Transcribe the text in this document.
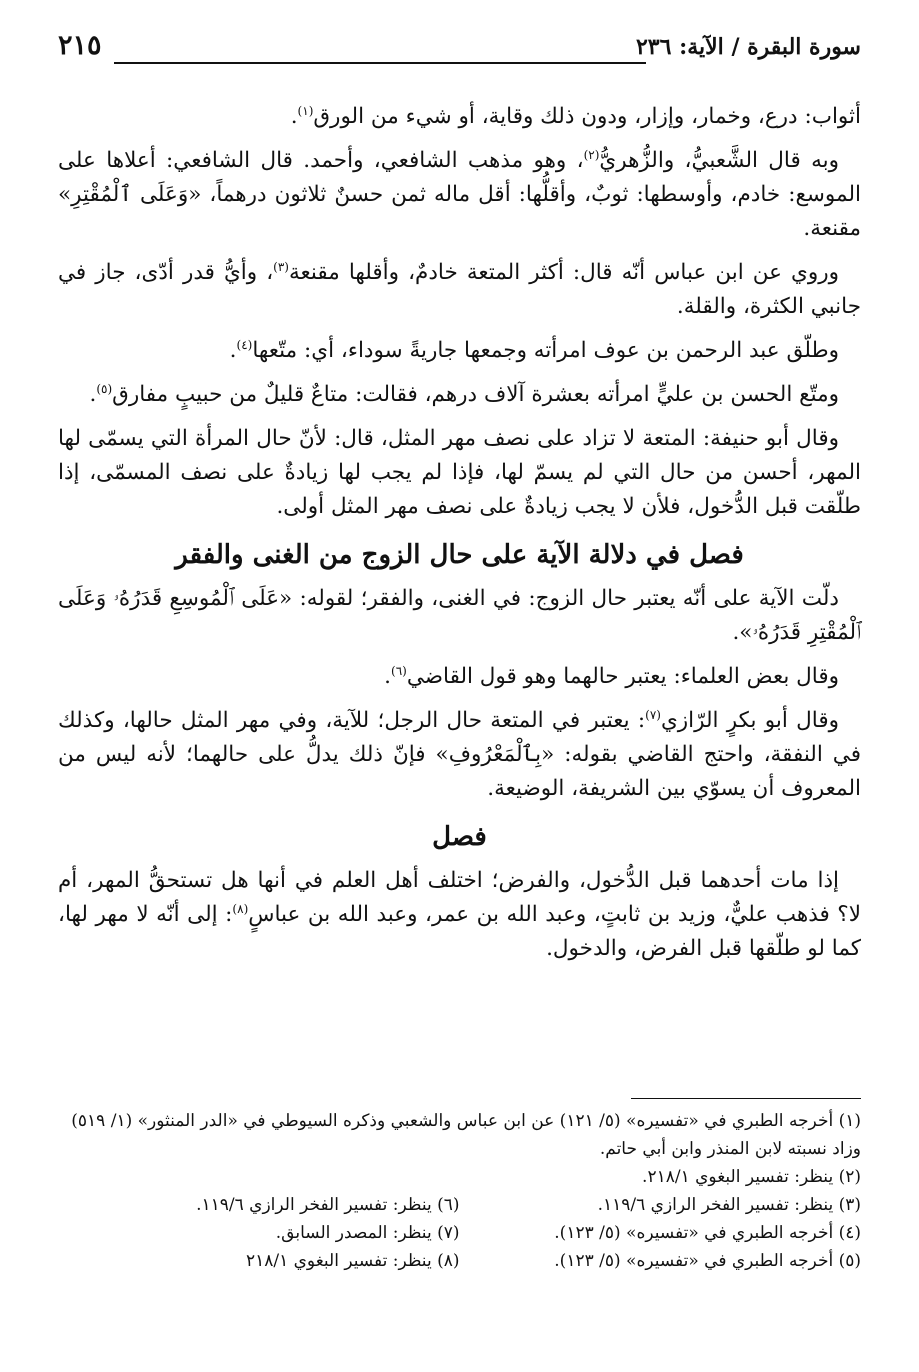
سورة البقرة / الآية: ٢٣٦
٢١٥

أثواب: درع، وخمار، وإزار، ودون ذلك وقاية، أو شيء من الورق$^{(١)}$.

وبه قال الشَّعبيُّ، والزُّهريُّ$^{(٢)}$، وهو مذهب الشافعي، وأحمد. قال الشافعي: أعلاها على الموسع: خادم، وأوسطها: ثوبٌ، وأقلُّها: أقل ماله ثمن حسنٌ ثلاثون درهماً، «وَعَلَى ٱلْمُقْتِرِ» مقنعة.

وروي عن ابن عباس أنّه قال: أكثر المتعة خادمٌ، وأقلها مقنعة$^{(٣)}$، وأيُّ قدر أدّى، جاز في جانبي الكثرة، والقلة.

وطلّق عبد الرحمن بن عوف امرأته وجمعها جاريةً سوداء، أي: متّعها$^{(٤)}$.

ومتّع الحسن بن عليٍّ امرأته بعشرة آلاف درهم، فقالت: متاعٌ قليلٌ من حبيبٍ مفارق$^{(٥)}$.

وقال أبو حنيفة: المتعة لا تزاد على نصف مهر المثل، قال: لأنّ حال المرأة التي يسمّى لها المهر، أحسن من حال التي لم يسمّ لها، فإذا لم يجب لها زيادةٌ على نصف المسمّى، إذا طلّقت قبل الدُّخول، فلأن لا يجب زيادةٌ على نصف مهر المثل أولى.

فصل في دلالة الآية على حال الزوج من الغنى والفقر

دلّت الآية على أنّه يعتبر حال الزوج: في الغنى، والفقر؛ لقوله: «عَلَى ٱلْمُوسِعِ قَدَرُهُۥ وَعَلَى ٱلْمُقْتِرِ قَدَرُهُۥ».

وقال بعض العلماء: يعتبر حالهما وهو قول القاضي$^{(٦)}$.

وقال أبو بكرٍ الرّازي$^{(٧)}$: يعتبر في المتعة حال الرجل؛ للآية، وفي مهر المثل حالها، وكذلك في النفقة، واحتج القاضي بقوله: «بِٱلْمَعْرُوفِ» فإنّ ذلك يدلُّ على حالهما؛ لأنه ليس من المعروف أن يسوّي بين الشريفة، الوضيعة.

فصل

إذا مات أحدهما قبل الدُّخول، والفرض؛ اختلف أهل العلم في أنها هل تستحقُّ المهر، أم لا؟ فذهب عليٌّ، وزيد بن ثابتٍ، وعبد الله بن عمر، وعبد الله بن عباسٍ$^{(٨)}$: إلى أنّه لا مهر لها، كما لو طلّقها قبل الفرض، والدخول.

(١) أخرجه الطبري في «تفسيره» (٥/ ١٢١) عن ابن عباس والشعبي وذكره السيوطي في «الدر المنثور» (١/ ٥١٩) وزاد نسبته لابن المنذر وابن أبي حاتم.

(٢) ينظر: تفسير البغوي ٢١٨/١.

(٣) ينظر: تفسير الفخر الرازي ١١٩/٦.

(٦) ينظر: تفسير الفخر الرازي ١١٩/٦.

(٤) أخرجه الطبري في «تفسيره» (٥/ ١٢٣).

(٧) ينظر: المصدر السابق.

(٥) أخرجه الطبري في «تفسيره» (٥/ ١٢٣).

(٨) ينظر: تفسير البغوي ٢١٨/١
